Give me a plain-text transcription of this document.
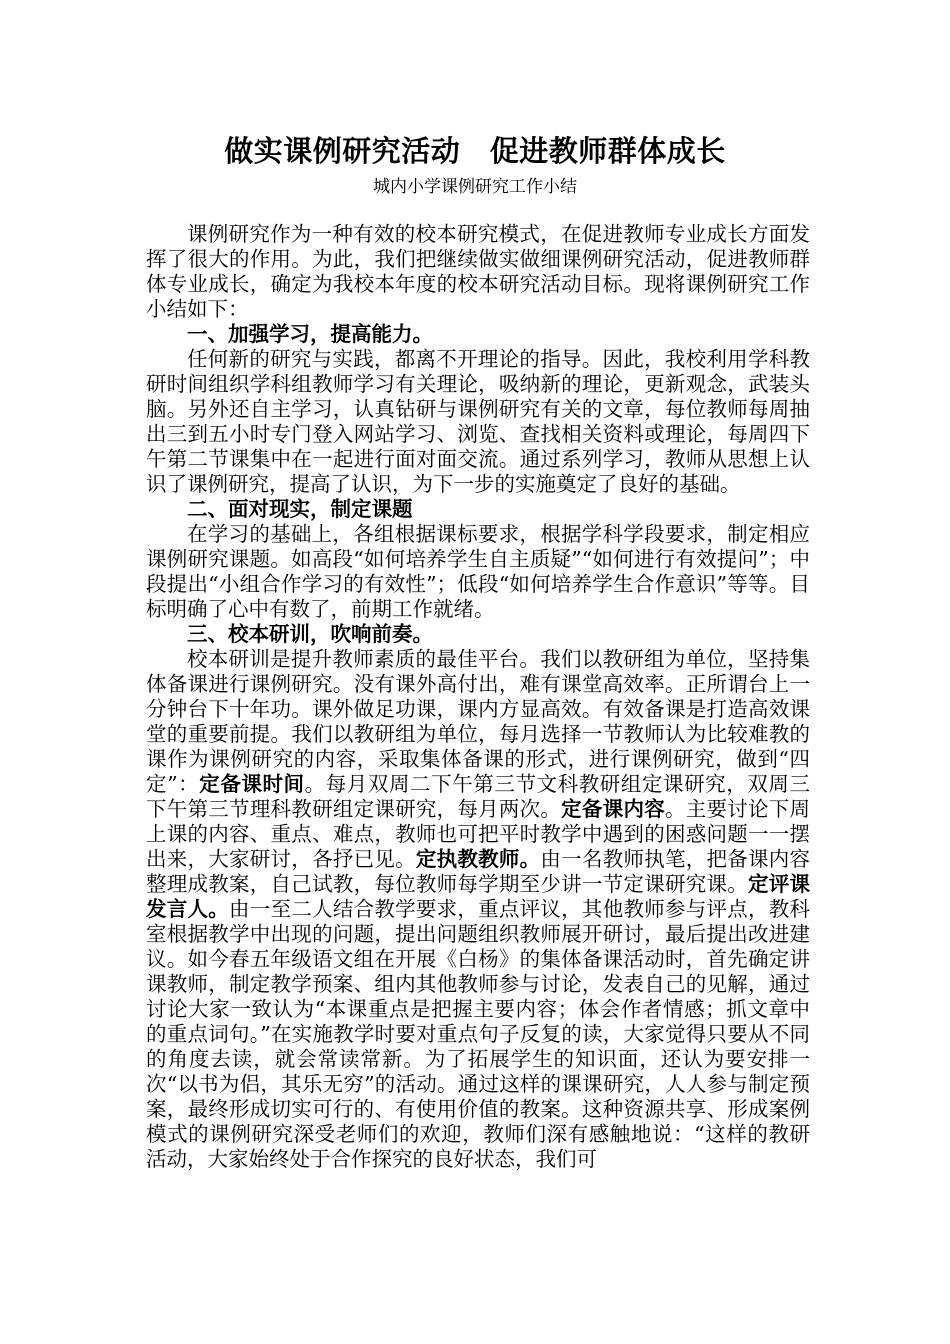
做实课例研究活动　促进教师群体成长
城内小学课例研究工作小结

课例研究作为一种有效的校本研究模式，在促进教师专业成长方面发挥了很大的作用。为此，我们把继续做实做细课例研究活动，促进教师群体专业成长，确定为我校本年度的校本研究活动目标。现将课例研究工作小结如下：

一、加强学习，提高能力。

任何新的研究与实践，都离不开理论的指导。因此，我校利用学科教研时间组织学科组教师学习有关理论，吸纳新的理论，更新观念，武装头脑。另外还自主学习，认真钻研与课例研究有关的文章，每位教师每周抽出三到五小时专门登入网站学习、浏览、查找相关资料或理论，每周四下午第二节课集中在一起进行面对面交流。通过系列学习，教师从思想上认识了课例研究，提高了认识，为下一步的实施奠定了良好的基础。

二、面对现实，制定课题

在学习的基础上，各组根据课标要求，根据学科学段要求，制定相应课例研究课题。如高段“如何培养学生自主质疑”“如何进行有效提问”；中段提出“小组合作学习的有效性”；低段“如何培养学生合作意识”等等。目标明确了心中有数了，前期工作就绪。

三、校本研训，吹响前奏。

校本研训是提升教师素质的最佳平台。我们以教研组为单位，坚持集体备课进行课例研究。没有课外高付出，难有课堂高效率。正所谓台上一分钟台下十年功。课外做足功课，课内方显高效。有效备课是打造高效课堂的重要前提。我们以教研组为单位，每月选择一节教师认为比较难教的课作为课例研究的内容，采取集体备课的形式，进行课例研究，做到“四定”：定备课时间。每月双周二下午第三节文科教研组定课研究，双周三下午第三节理科教研组定课研究，每月两次。定备课内容。主要讨论下周上课的内容、重点、难点，教师也可把平时教学中遇到的困惑问题一一摆出来，大家研讨，各抒已见。定执教教师。由一名教师执笔，把备课内容整理成教案，自己试教，每位教师每学期至少讲一节定课研究课。定评课发言人。由一至二人结合教学要求，重点评议，其他教师参与评点，教科室根据教学中出现的问题，提出问题组织教师展开研讨，最后提出改进建议。如今春五年级语文组在开展《白杨》的集体备课活动时，首先确定讲课教师，制定教学预案、组内其他教师参与讨论，发表自己的见解，通过讨论大家一致认为“本课重点是把握主要内容；体会作者情感；抓文章中的重点词句。”在实施教学时要对重点句子反复的读，大家觉得只要从不同的角度去读，就会常读常新。为了拓展学生的知识面，还认为要安排一次“以书为侣，其乐无穷”的活动。通过这样的课课研究，人人参与制定预案，最终形成切实可行的、有使用价值的教案。这种资源共享、形成案例模式的课例研究深受老师们的欢迎，教师们深有感触地说：“这样的教研活动，大家始终处于合作探究的良好状态，我们可
